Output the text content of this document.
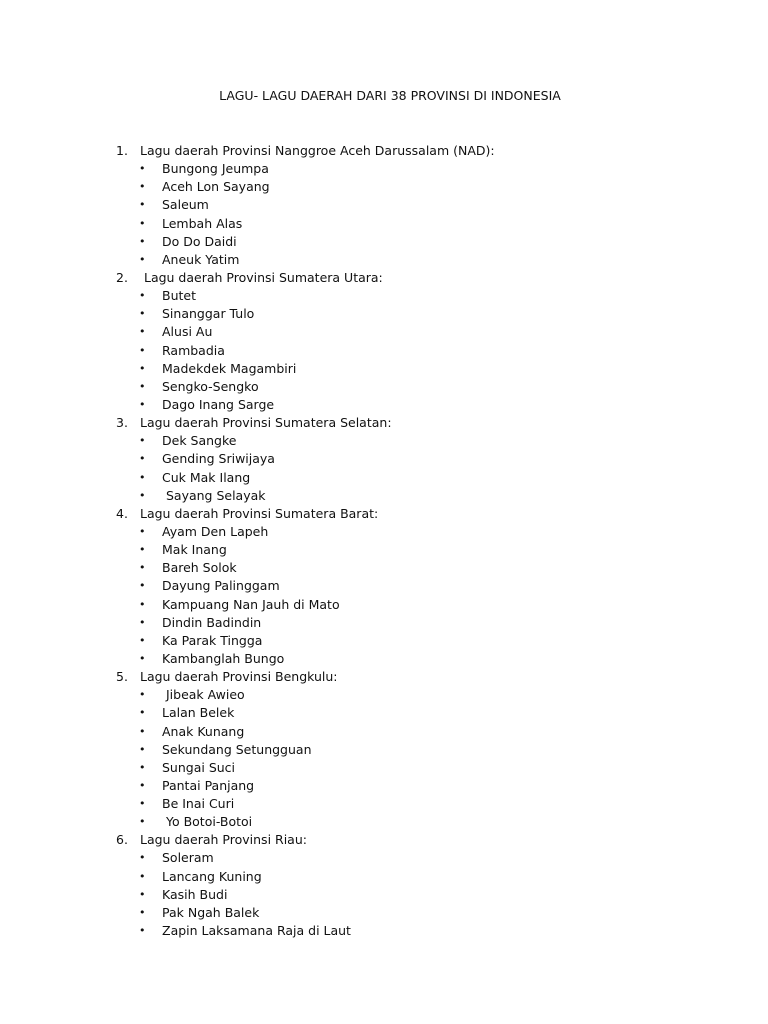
LAGU- LAGU DAERAH DARI 38 PROVINSI DI INDONESIA
1. Lagu daerah Provinsi Nanggroe Aceh Darussalam (NAD):
• Bungong Jeumpa
• Aceh Lon Sayang
• Saleum
• Lembah Alas
• Do Do Daidi
• Aneuk Yatim
2. Lagu daerah Provinsi Sumatera Utara:
• Butet
• Sinanggar Tulo
• Alusi Au
• Rambadia
• Madekdek Magambiri
• Sengko-Sengko
• Dago Inang Sarge
3. Lagu daerah Provinsi Sumatera Selatan:
• Dek Sangke
• Gending Sriwijaya
• Cuk Mak Ilang
• Sayang Selayak
4. Lagu daerah Provinsi Sumatera Barat:
• Ayam Den Lapeh
• Mak Inang
• Bareh Solok
• Dayung Palinggam
• Kampuang Nan Jauh di Mato
• Dindin Badindin
• Ka Parak Tingga
• Kambanglah Bungo
5. Lagu daerah Provinsi Bengkulu:
• Jibeak Awieo
• Lalan Belek
• Anak Kunang
• Sekundang Setungguan
• Sungai Suci
• Pantai Panjang
• Be Inai Curi
• Yo Botoi-Botoi
6. Lagu daerah Provinsi Riau:
• Soleram
• Lancang Kuning
• Kasih Budi
• Pak Ngah Balek
• Zapin Laksamana Raja di Laut
